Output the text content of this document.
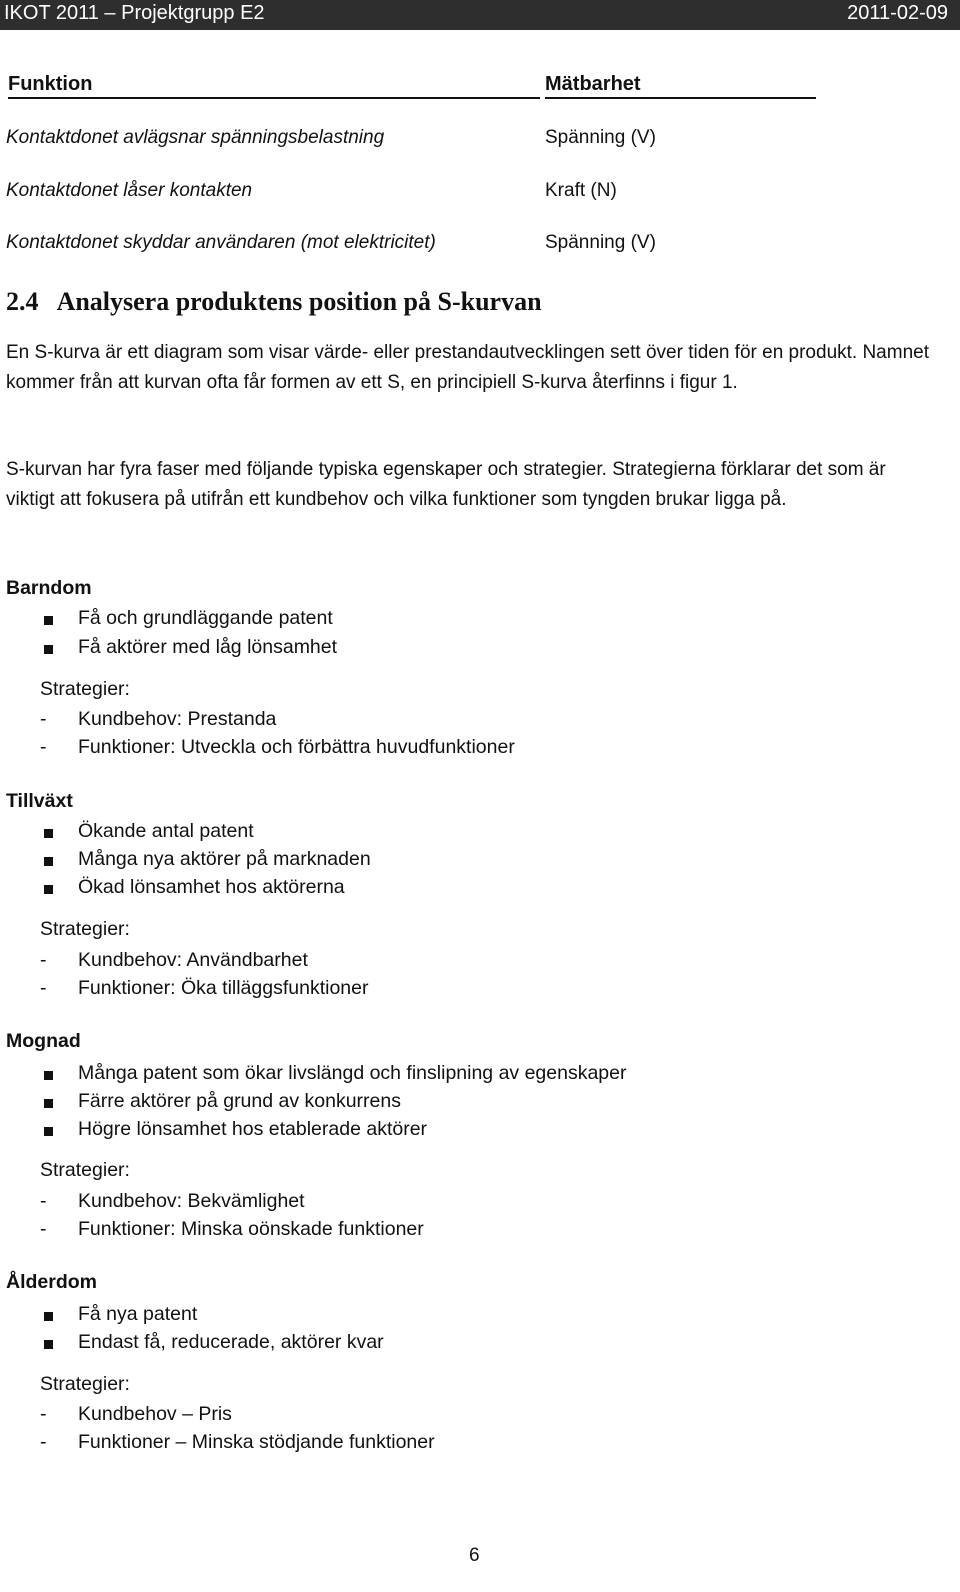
IKOT 2011 – Projektgrupp E2	2011-02-09
Funktion	Mätbarhet
Kontaktdonet avlägsnar spänningsbelastning	Spänning (V)
Kontaktdonet låser kontakten	Kraft (N)
Kontaktdonet skyddar användaren (mot elektricitet)	Spänning (V)
2.4   Analysera produktens position på S-kurvan
En S-kurva är ett diagram som visar värde- eller prestandautvecklingen sett över tiden för en produkt. Namnet kommer från att kurvan ofta får formen av ett S, en principiell S-kurva återfinns i figur 1.
S-kurvan har fyra faser med följande typiska egenskaper och strategier. Strategierna förklarar det som är viktigt att fokusera på utifrån ett kundbehov och vilka funktioner som tyngden brukar ligga på.
Barndom
Få och grundläggande patent
Få aktörer med låg lönsamhet
Strategier:
- Kundbehov: Prestanda
- Funktioner: Utveckla och förbättra huvudfunktioner
Tillväxt
Ökande antal patent
Många nya aktörer på marknaden
Ökad lönsamhet hos aktörerna
Strategier:
- Kundbehov: Användbarhet
- Funktioner: Öka tilläggsfunktioner
Mognad
Många patent som ökar livslängd och finslipning av egenskaper
Färre aktörer på grund av konkurrens
Högre lönsamhet hos etablerade aktörer
Strategier:
- Kundbehov: Bekvämlighet
- Funktioner: Minska oönskade funktioner
Ålderdom
Få nya patent
Endast få, reducerade, aktörer kvar
Strategier:
- Kundbehov – Pris
- Funktioner – Minska stödjande funktioner
6
